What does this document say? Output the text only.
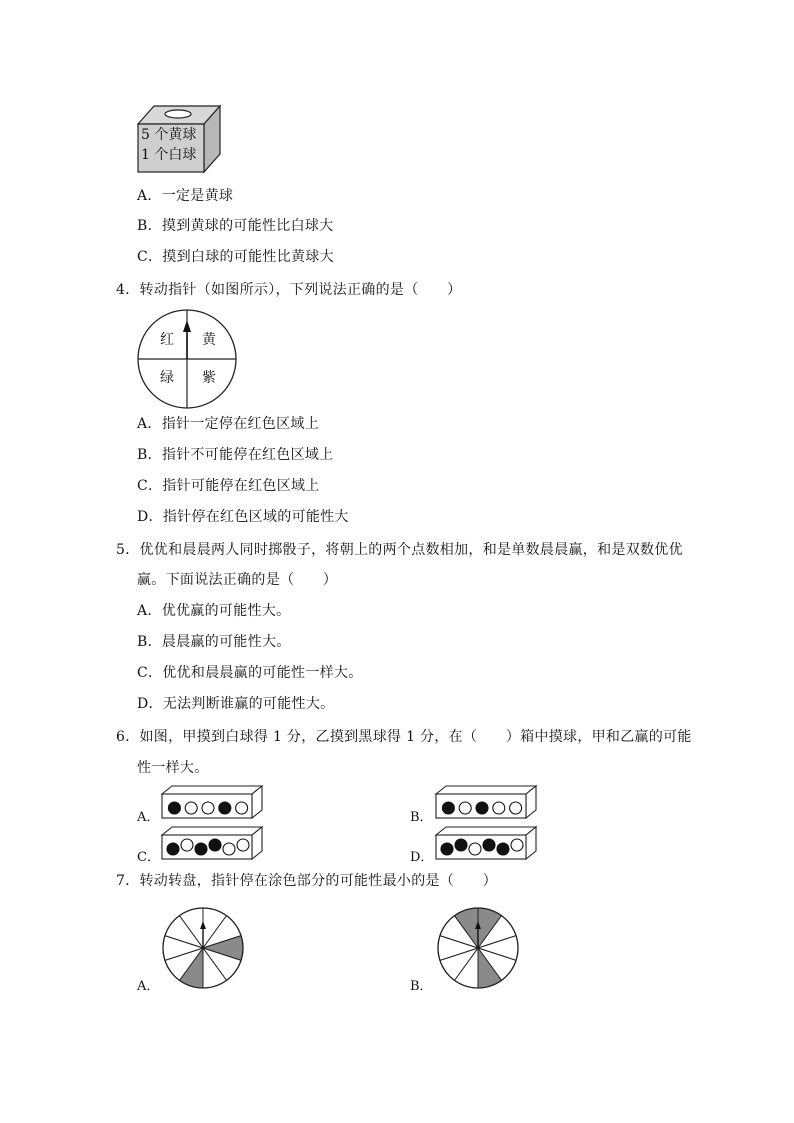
5 个黄球
1 个白球
A．一定是黄球
B．摸到黄球的可能性比白球大
C．摸到白球的可能性比黄球大
4．转动指针（如图所示），下列说法正确的是（　　）
红 黄
绿 紫
A．指针一定停在红色区域上
B．指针不可能停在红色区域上
C．指针可能停在红色区域上
D．指针停在红色区域的可能性大
5．优优和晨晨两人同时掷骰子，将朝上的两个点数相加，和是单数晨晨赢，和是双数优优
赢。下面说法正确的是（　　）
A．优优赢的可能性大。
B．晨晨赢的可能性大。
C．优优和晨晨赢的可能性一样大。
D．无法判断谁赢的可能性大。
6．如图，甲摸到白球得 1 分，乙摸到黑球得 1 分，在（　　）箱中摸球，甲和乙赢的可能
性一样大。
A．	B．
C．	D．
7．转动转盘，指针停在涂色部分的可能性最小的是（　　）
A．	B．
